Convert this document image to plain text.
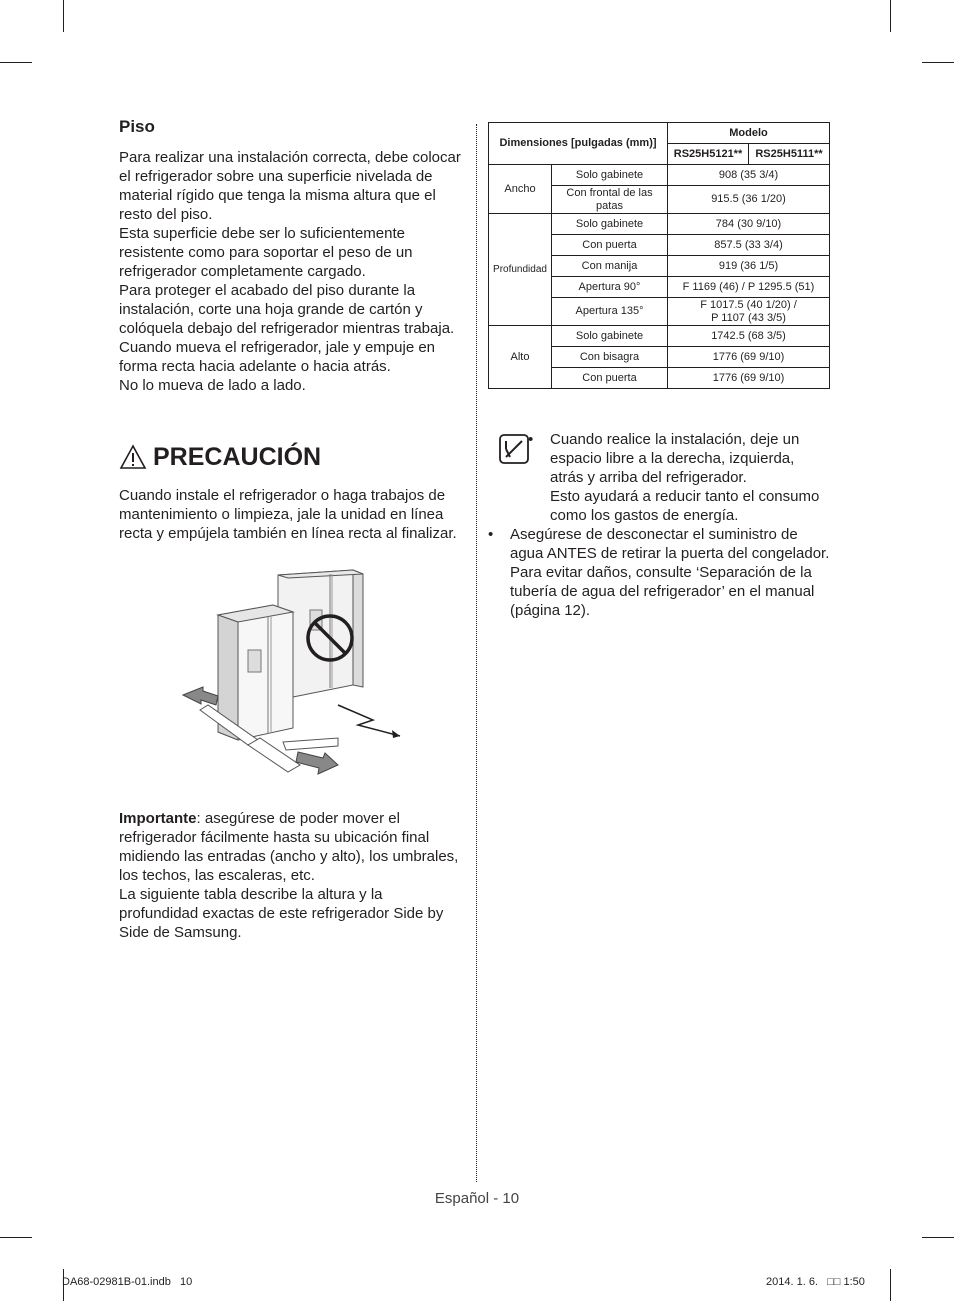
Piso

Para realizar una instalación correcta, debe colocar

el refrigerador sobre una superficie nivelada de

material rígido que tenga la misma altura que el

resto del piso.

Esta superficie debe ser lo suficientemente

resistente como para soportar el peso de un

refrigerador completamente cargado.

Para proteger el acabado del piso durante la

instalación, corte una hoja grande de cartón y

colóquela debajo del refrigerador mientras trabaja.

Cuando mueva el refrigerador, jale y empuje en

forma recta hacia adelante o hacia atrás.

No lo mueva de lado a lado.

PRECAUCIÓN

Cuando instale el refrigerador o haga trabajos de

mantenimiento o limpieza, jale la unidad en línea

recta y empújela también en línea recta al finalizar.

Importante: asegúrese de poder mover el

refrigerador fácilmente hasta su ubicación final

midiendo las entradas (ancho y alto), los umbrales,

los techos, las escaleras, etc.

La siguiente tabla describe la altura y la

profundidad exactas de este refrigerador Side by

Side de Samsung.

Dimensiones [pulgadas (mm)]		Modelo	
		RS25H5121**	RS25H5111**
Ancho	Solo gabinete	908 (35 3/4)	
	Con frontal de las
patas	915.5 (36 1/20)	
Profundidad	Solo gabinete	784 (30 9/10)	
	Con puerta	857.5 (33 3/4)	
	Con manija	919 (36 1/5)	
	Apertura 90°	F 1169 (46) / P 1295.5 (51)	
	Apertura 135°	F 1017.5 (40 1/20) /
P 1107 (43 3/5)	
Alto	Solo gabinete	1742.5 (68 3/5)	
	Con bisagra	1776 (69 9/10)	
	Con puerta	1776 (69 9/10)	
•	Cuando realice la instalación, deje un
espacio libre a la derecha, izquierda,
atrás y arriba del refrigerador.
Esto ayudará a reducir tanto el consumo
como los gastos de energía.
•	Asegúrese de desconectar el suministro de
agua ANTES de retirar la puerta del congelador.
Para evitar daños, consulte ‘Separación de la
tubería de agua del refrigerador’ en el manual
(página 12).
Español - 10
DA68-02981B-01.indb   10	2014. 1. 6.   □□ 1:50
